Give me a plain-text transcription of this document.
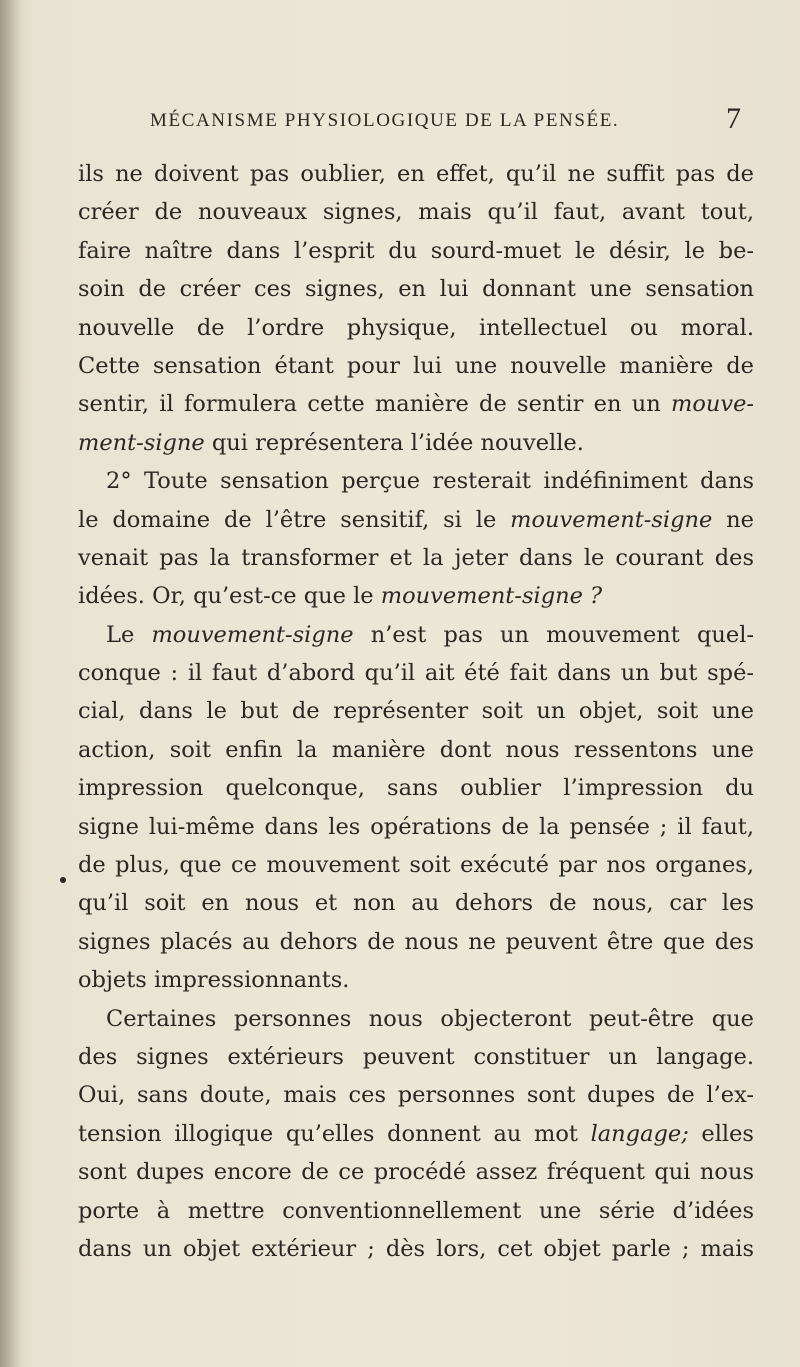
MÉCANISME PHYSIOLOGIQUE DE LA PENSÉE.	7
ils ne doivent pas oublier, en effet, qu’il ne suffit pas de
créer de nouveaux signes, mais qu’il faut, avant tout,
faire naître dans l’esprit du sourd-muet le désir, le be-
soin de créer ces signes, en lui donnant une sensation
nouvelle de l’ordre physique, intellectuel ou moral.
Cette sensation étant pour lui une nouvelle manière de
sentir, il formulera cette manière de sentir en un mouve-
ment-signe qui représentera l’idée nouvelle.
2° Toute sensation perçue resterait indéfiniment dans
le domaine de l’être sensitif, si le mouvement-signe ne
venait pas la transformer et la jeter dans le courant des
idées. Or, qu’est-ce que le mouvement-signe ?
Le mouvement-signe n’est pas un mouvement quel-
conque : il faut d’abord qu’il ait été fait dans un but spé-
cial, dans le but de représenter soit un objet, soit une
action, soit enfin la manière dont nous ressentons une
impression quelconque, sans oublier l’impression du
signe lui-même dans les opérations de la pensée ; il faut,
de plus, que ce mouvement soit exécuté par nos organes,
qu’il soit en nous et non au dehors de nous, car les
signes placés au dehors de nous ne peuvent être que des
objets impressionnants.
Certaines personnes nous objecteront peut-être que
des signes extérieurs peuvent constituer un langage.
Oui, sans doute, mais ces personnes sont dupes de l’ex-
tension illogique qu’elles donnent au mot langage; elles
sont dupes encore de ce procédé assez fréquent qui nous
porte à mettre conventionnellement une série d’idées
dans un objet extérieur ; dès lors, cet objet parle ; mais
